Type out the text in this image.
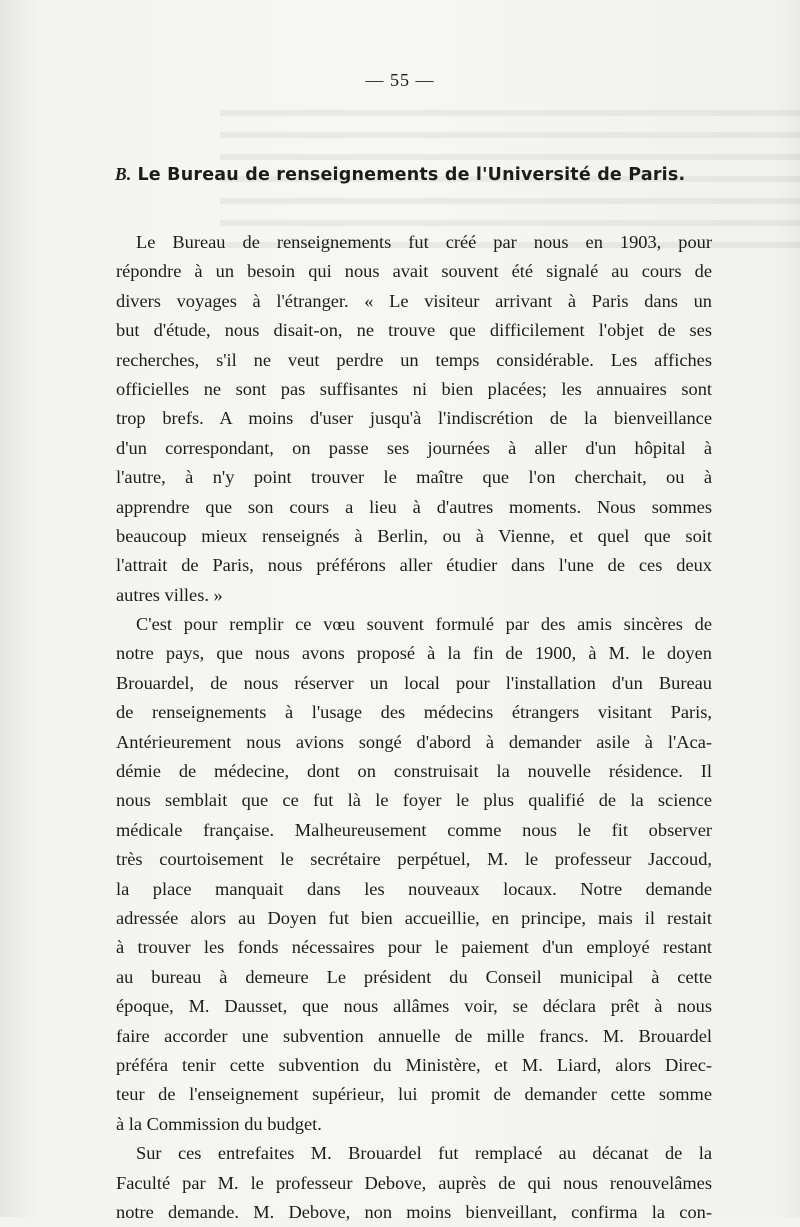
— 55 —
B. Le Bureau de renseignements de l'Université de Paris.
Le Bureau de renseignements fut créé par nous en 1903, pour
répondre à un besoin qui nous avait souvent été signalé au cours de
divers voyages à l'étranger. « Le visiteur arrivant à Paris dans un
but d'étude, nous disait-on, ne trouve que difficilement l'objet de ses
recherches, s'il ne veut perdre un temps considérable. Les affiches
officielles ne sont pas suffisantes ni bien placées; les annuaires sont
trop brefs. A moins d'user jusqu'à l'indiscrétion de la bienveillance
d'un correspondant, on passe ses journées à aller d'un hôpital à
l'autre, à n'y point trouver le maître que l'on cherchait, ou à
apprendre que son cours a lieu à d'autres moments. Nous sommes
beaucoup mieux renseignés à Berlin, ou à Vienne, et quel que soit
l'attrait de Paris, nous préférons aller étudier dans l'une de ces deux
autres villes. »
C'est pour remplir ce vœu souvent formulé par des amis sincères de
notre pays, que nous avons proposé à la fin de 1900, à M. le doyen
Brouardel, de nous réserver un local pour l'installation d'un Bureau
de renseignements à l'usage des médecins étrangers visitant Paris,
Antérieurement nous avions songé d'abord à demander asile à l'Aca-
démie de médecine, dont on construisait la nouvelle résidence. Il
nous semblait que ce fut là le foyer le plus qualifié de la science
médicale française. Malheureusement comme nous le fit observer
très courtoisement le secrétaire perpétuel, M. le professeur Jaccoud,
la place manquait dans les nouveaux locaux. Notre demande
adressée alors au Doyen fut bien accueillie, en principe, mais il restait
à trouver les fonds nécessaires pour le paiement d'un employé restant
au bureau à demeure Le président du Conseil municipal à cette
époque, M. Dausset, que nous allâmes voir, se déclara prêt à nous
faire accorder une subvention annuelle de mille francs. M. Brouardel
préféra tenir cette subvention du Ministère, et M. Liard, alors Direc-
teur de l'enseignement supérieur, lui promit de demander cette somme
à la Commission du budget.
Sur ces entrefaites M. Brouardel fut remplacé au décanat de la
Faculté par M. le professeur Debove, auprès de qui nous renouvelâmes
notre demande. M. Debove, non moins bienveillant, confirma la con-
